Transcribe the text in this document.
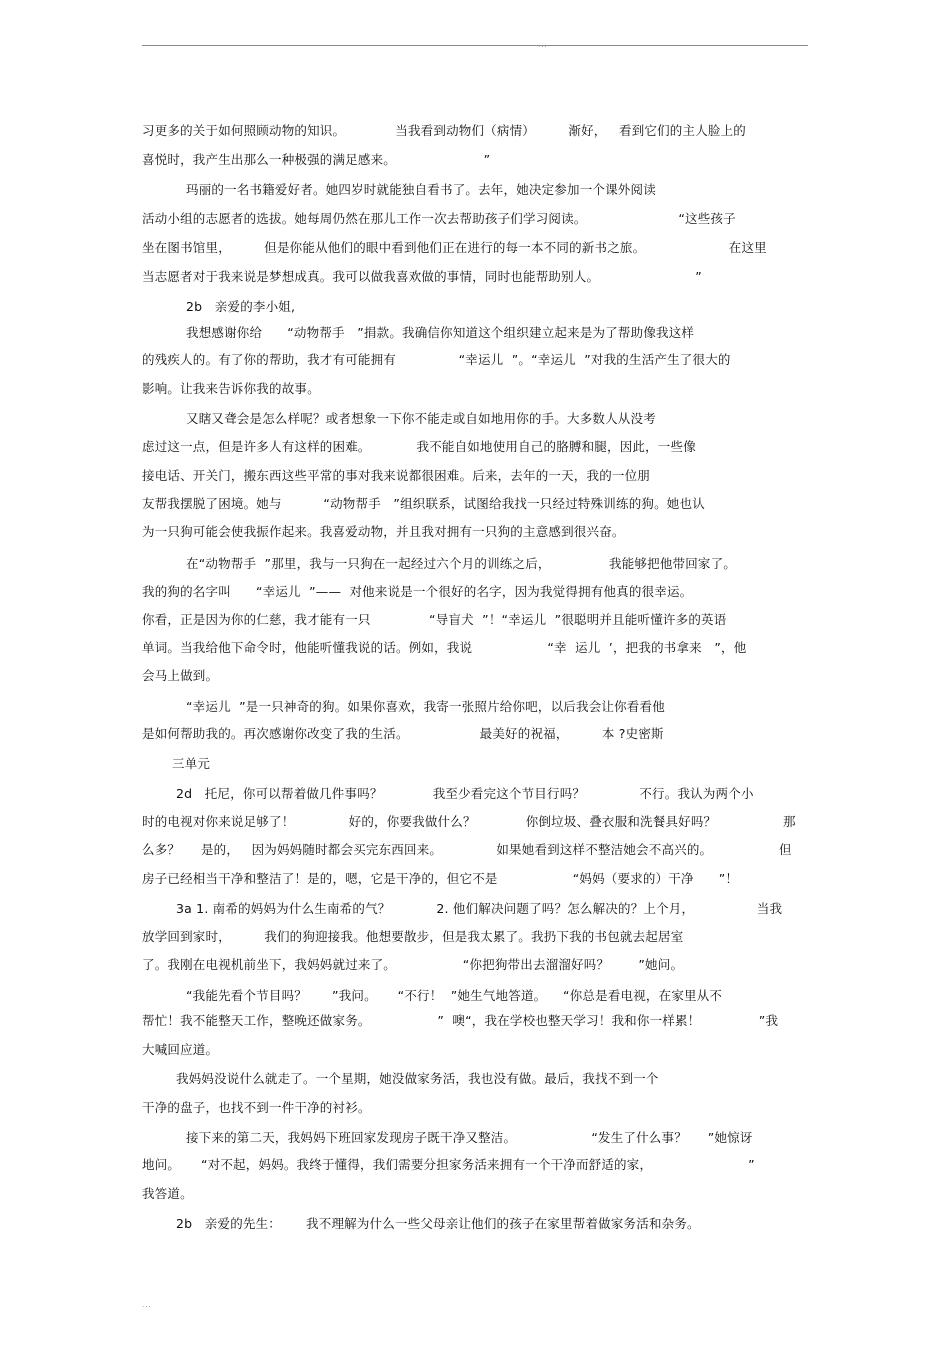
...
习更多的关于如何照顾动物的知识。            当我看到动物们（病情）        渐好，   看到它们的主人脸上的
喜悦时，我产生出那么一种极强的满足感来。                     ”
玛丽的一名书籍爱好者。她四岁时就能独自看书了。去年，她决定参加一个课外阅读
活动小组的志愿者的选拔。她每周仍然在那儿工作一次去帮助孩子们学习阅读。                      “这些孩子
坐在图书馆里，        但是你能从他们的眼中看到他们正在进行的每一本不同的新书之旅。                    在这里
当志愿者对于我来说是梦想成真。我可以做我喜欢做的事情，同时也能帮助别人。                       ”
2b   亲爱的李小姐,
我想感谢你给      “动物帮手   ”捐款。我确信你知道这个组织建立起来是为了帮助像我这样
的残疾人的。有了你的帮助，我才有可能拥有               “幸运儿  ”。“幸运儿  ”对我的生活产生了很大的
影响。让我来告诉你我的故事。
又瞎又聋会是怎么样呢？或者想象一下你不能走或自如地用你的手。大多数人从没考
虑过这一点，但是许多人有这样的困难。           我不能自如地使用自己的胳膊和腿，因此，一些像
接电话、开关门，搬东西这些平常的事对我来说都很困难。后来，去年的一天，我的一位朋
友帮我摆脱了困境。她与          “动物帮手   ”组织联系，试图给我找一只经过特殊训练的狗。她也认
为一只狗可能会使我振作起来。我喜爱动物，并且我对拥有一只狗的主意感到很兴奋。
在“动物帮手  ”那里，我与一只狗在一起经过六个月的训练之后，              我能够把他带回家了。
我的狗的名字叫      “幸运儿  ”——  对他来说是一个很好的名字，因为我觉得拥有他真的很幸运。
你看，正是因为你的仁慈，我才能有一只              “导盲犬  ”！“幸运儿  ”很聪明并且能听懂许多的英语
单词。当我给他下命令时，他能听懂我说的话。例如，我说                  “幸  运儿  ’，把我的书拿来   ”，他
会马上做到。
“幸运儿  ”是一只神奇的狗。如果你喜欢，我寄一张照片给你吧，以后我会让你看看他
是如何帮助我的。再次感谢你改变了我的生活。                 最美好的祝福，        本 ?史密斯
三单元
2d   托尼，你可以帮着做几件事吗？            我至少看完这个节目行吗？             不行。我认为两个小
时的电视对你来说足够了！             好的，你要我做什么？            你倒垃圾、叠衣服和洗餐具好吗？                那
么多？     是的，   因为妈妈随时都会买完东西回来。             如果她看到这样不整洁她会不高兴的。                但
房子已经相当干净和整洁了！是的，嗯，它是干净的，但它不是                  “妈妈（要求的）干净      ”！
3a 1. 南希的妈妈为什么生南希的气？           2. 他们解决问题了吗？怎么解决的？上个月，               当我
放学回到家时，        我们的狗迎接我。他想要散步，但是我太累了。我扔下我的书包就去起居室
了。我刚在电视机前坐下，我妈妈就过来了。                “你把狗带出去溜溜好吗？       ”她问。
“我能先看个节目吗？      ”我问。     “不行！  ”她生气地答道。    “你总是看电视，在家里从不
帮忙！我不能整天工作，整晚还做家务。                ”  噢“，我在学校也整天学习！我和你一样累！              ”我
大喊回应道。
我妈妈没说什么就走了。一个星期，她没做家务活，我也没有做。最后，我找不到一个
干净的盘子，也找不到一件干净的衬衫。
接下来的第二天，我妈妈下班回家发现房子既干净又整洁。                  “发生了什么事？     ”她惊讶
地问。     “对不起，妈妈。我终于懂得，我们需要分担家务活来拥有一个干净而舒适的家，                       ”
我答道。
2b   亲爱的先生：      我不理解为什么一些父母亲让他们的孩子在家里帮着做家务活和杂务。
...
